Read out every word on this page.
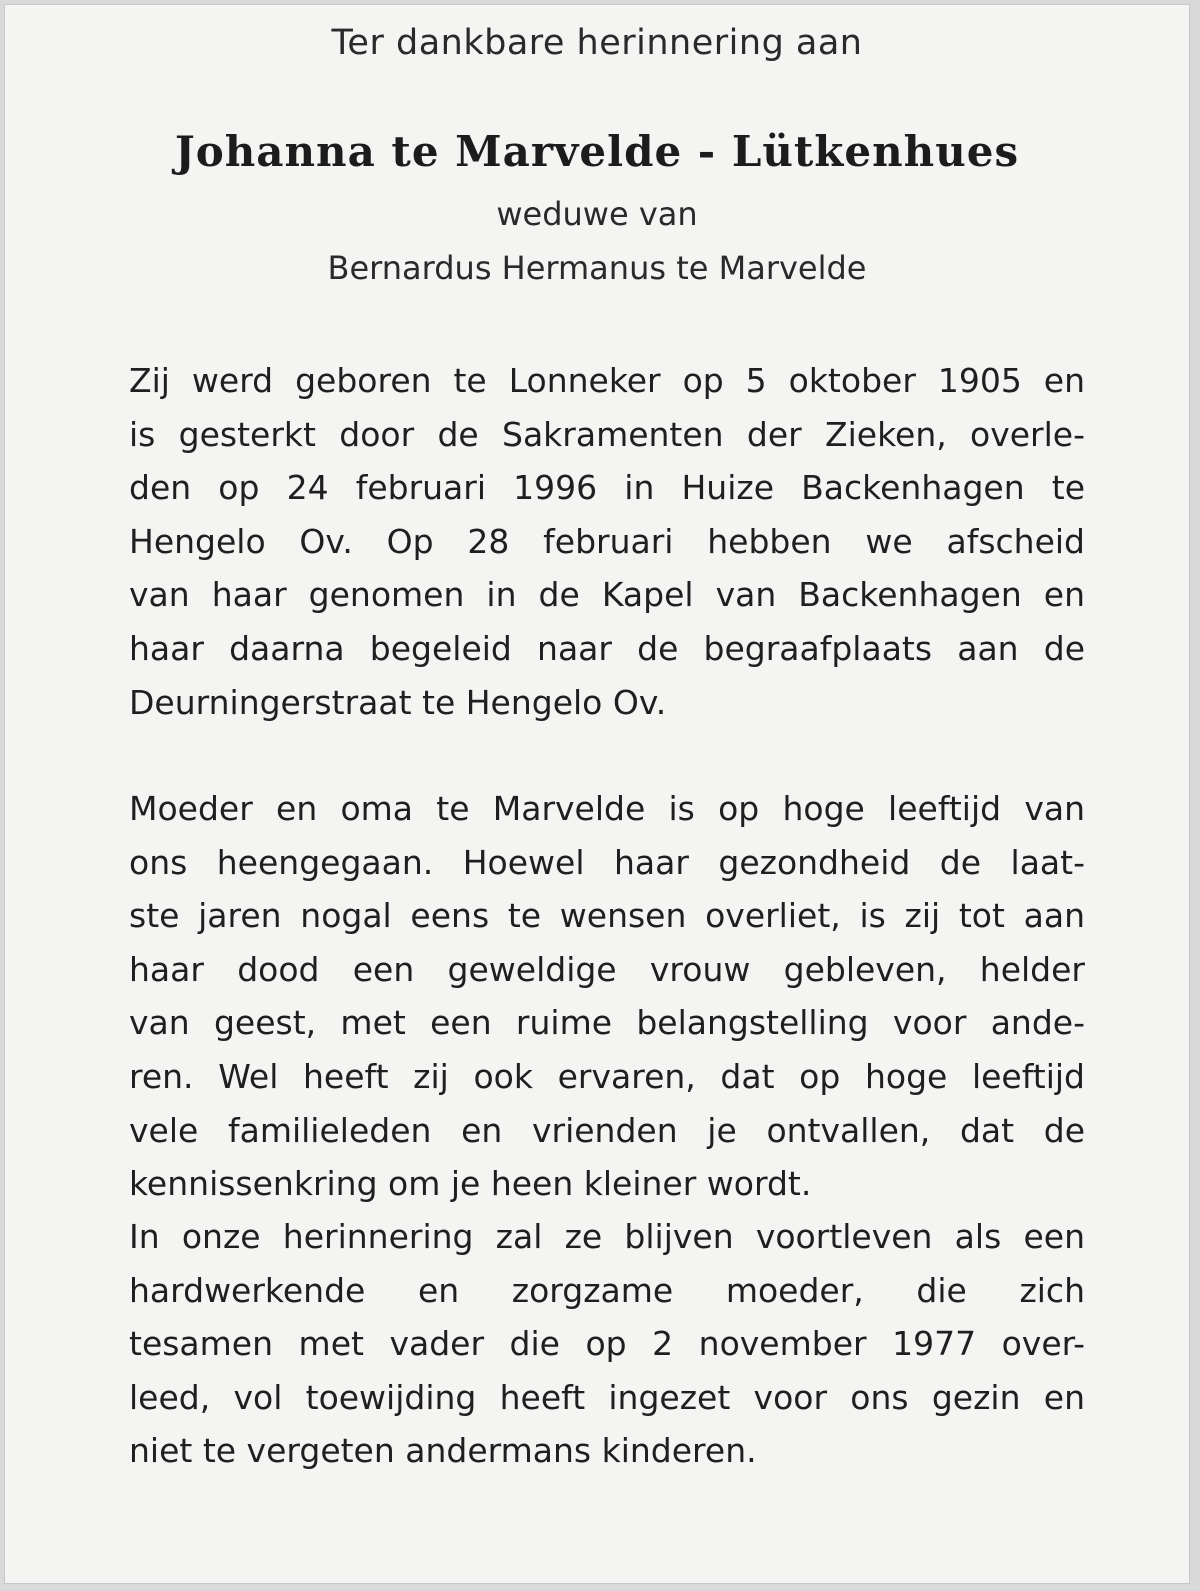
Ter dankbare herinnering aan
Johanna te Marvelde - Lütkenhues
weduwe van
Bernardus Hermanus te Marvelde
Zij werd geboren te Lonneker op 5 oktober 1905 en
is gesterkt door de Sakramenten der Zieken, overle-
den op 24 februari 1996 in Huize Backenhagen te
Hengelo Ov. Op 28 februari hebben we afscheid
van haar genomen in de Kapel van Backenhagen en
haar daarna begeleid naar de begraafplaats aan de
Deurningerstraat te Hengelo Ov.
Moeder en oma te Marvelde is op hoge leeftijd van
ons heengegaan. Hoewel haar gezondheid de laat-
ste jaren nogal eens te wensen overliet, is zij tot aan
haar dood een geweldige vrouw gebleven, helder
van geest, met een ruime belangstelling voor ande-
ren. Wel heeft zij ook ervaren, dat op hoge leeftijd
vele familieleden en vrienden je ontvallen, dat de
kennissenkring om je heen kleiner wordt.
In onze herinnering zal ze blijven voortleven als een
hardwerkende en zorgzame moeder, die zich
tesamen met vader die op 2 november 1977 over-
leed, vol toewijding heeft ingezet voor ons gezin en
niet te vergeten andermans kinderen.
